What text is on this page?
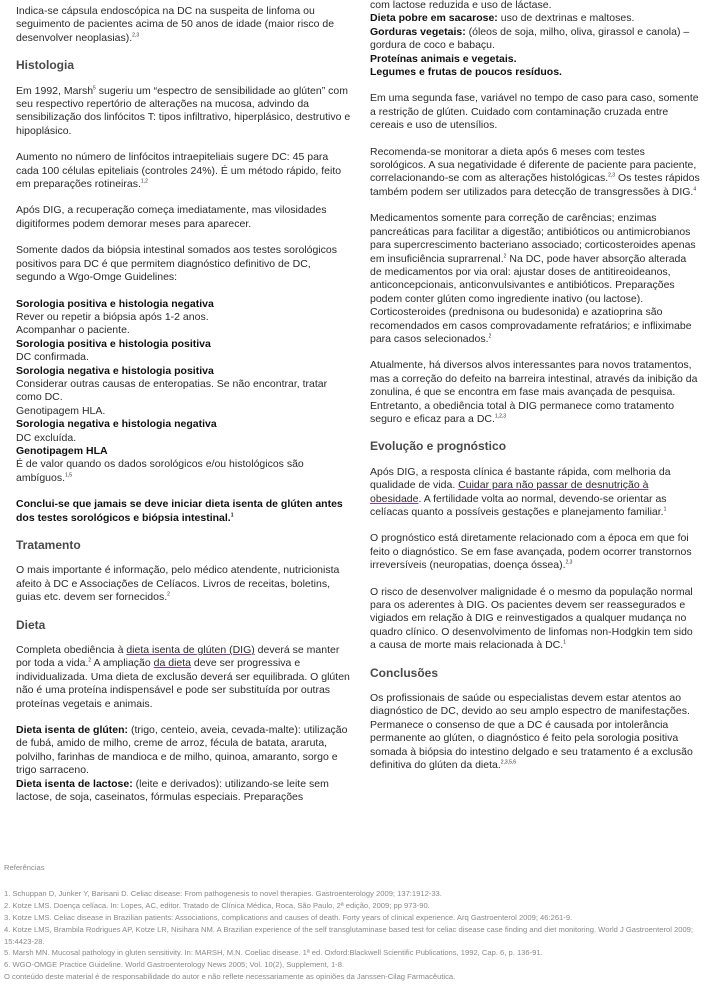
Indica-se cápsula endoscópica na DC na suspeita de linfoma ou seguimento de pacientes acima de 50 anos de idade (maior risco de desenvolver neoplasias).$^{2,3}$

Histologia

Em 1992, Marsh$^5$ sugeriu um “espectro de sensibilidade ao glúten” com seu respectivo repertório de alterações na mucosa, advindo da sensibilização dos linfócitos T: tipos infiltrativo, hiperplásico, destrutivo e hipoplásico.

Aumento no número de linfócitos intraepiteliais sugere DC: 45 para cada 100 células epiteliais (controles 24%). É um método rápido, feito em preparações rotineiras.$^{1,2}$

Após DIG, a recuperação começa imediatamente, mas vilosidades digitiformes podem demorar meses para aparecer.

Somente dados da biópsia intestinal somados aos testes sorológicos positivos para DC é que permitem diagnóstico definitivo de DC, segundo a Wgo-Omge Guidelines:

Sorologia positiva e histologia negativa
Rever ou repetir a biópsia após 1-2 anos.
Acompanhar o paciente.
Sorologia positiva e histologia positiva
DC confirmada.
Sorologia negativa e histologia positiva
Considerar outras causas de enteropatias. Se não encontrar, tratar como DC.
Genotipagem HLA.
Sorologia negativa e histologia negativa
DC excluída.
Genotipagem HLA
É de valor quando os dados sorológicos e/ou histológicos são ambíguos.$^{1,5}$

Conclui-se que jamais se deve iniciar dieta isenta de glúten antes dos testes sorológicos e biópsia intestinal.$^1$

Tratamento

O mais importante é informação, pelo médico atendente, nutricionista afeito à DC e Associações de Celíacos. Livros de receitas, boletins, guias etc. devem ser fornecidos.$^2$

Dieta

Completa obediência à dieta isenta de glúten (DIG) deverá se manter por toda a vida.$^2$ A ampliação da dieta deve ser progressiva e individualizada. Uma dieta de exclusão deverá ser equilibrada. O glúten não é uma proteína indispensável e pode ser substituída por outras proteínas vegetais e animais.

Dieta isenta de glúten: (trigo, centeio, aveia, cevada-malte): utilização de fubá, amido de milho, creme de arroz, fécula de batata, araruta, polvilho, farinhas de mandioca e de milho, quinoa, amaranto, sorgo e trigo sarraceno.
Dieta isenta de lactose: (leite e derivados): utilizando-se leite sem lactose, de soja, caseinatos, fórmulas especiais. Preparações

com lactose reduzida e uso de láctase.
Dieta pobre em sacarose: uso de dextrinas e maltoses.
Gorduras vegetais: (óleos de soja, milho, oliva, girassol e canola) – gordura de coco e babaçu.
Proteínas animais e vegetais.
Legumes e frutas de poucos resíduos.

Em uma segunda fase, variável no tempo de caso para caso, somente a restrição de glúten. Cuidado com contaminação cruzada entre cereais e uso de utensílios.

Recomenda-se monitorar a dieta após 6 meses com testes sorológicos. A sua negatividade é diferente de paciente para paciente, correlacionando-se com as alterações histológicas.$^{2,3}$ Os testes rápidos também podem ser utilizados para detecção de transgressões à DIG.$^4$

Medicamentos somente para correção de carências; enzimas pancreáticas para facilitar a digestão; antibióticos ou antimicrobianos para supercrescimento bacteriano associado; corticosteroides apenas em insuficiência suprarrenal.$^2$ Na DC, pode haver absorção alterada de medicamentos por via oral: ajustar doses de antitireoideanos, anticoncepcionais, anticonvulsivantes e antibióticos. Preparações podem conter glúten como ingrediente inativo (ou lactose). Corticosteroides (prednisona ou budesonida) e azatioprina são recomendados em casos comprovadamente refratários; e infliximabe para casos selecionados.$^2$

Atualmente, há diversos alvos interessantes para novos tratamentos, mas a correção do defeito na barreira intestinal, através da inibição da zonulina, é que se encontra em fase mais avançada de pesquisa. Entretanto, a obediência total à DIG permanece como tratamento seguro e eficaz para a DC.$^{1,2,3}$

Evolução e prognóstico

Após DIG, a resposta clínica é bastante rápida, com melhoria da qualidade de vida. Cuidar para não passar de desnutrição à obesidade. A fertilidade volta ao normal, devendo-se orientar as celíacas quanto a possíveis gestações e planejamento familiar.$^1$

O prognóstico está diretamente relacionado com a época em que foi feito o diagnóstico. Se em fase avançada, podem ocorrer transtornos irreversíveis (neuropatias, doença óssea).$^{2,3}$

O risco de desenvolver malignidade é o mesmo da população normal para os aderentes à DIG. Os pacientes devem ser reassegurados e vigiados em relação à DIG e reinvestigados a qualquer mudança no quadro clínico. O desenvolvimento de linfomas non-Hodgkin tem sido a causa de morte mais relacionada à DC.$^1$

Conclusões

Os profissionais de saúde ou especialistas devem estar atentos ao diagnóstico de DC, devido ao seu amplo espectro de manifestações. Permanece o consenso de que a DC é causada por intolerância permanente ao glúten, o diagnóstico é feito pela sorologia positiva somada à biópsia do intestino delgado e seu tratamento é a exclusão definitiva do glúten da dieta.$^{2,3,5,6}$

Referências
1. Schuppan D, Junker Y, Barisani D. Celiac disease: From pathogenesis to novel therapies. Gastroenterology 2009; 137:1912-33.
2. Kotze LMS. Doença celíaca. In: Lopes, AC, editor. Tratado de Clínica Médica, Roca, São Paulo, 2ª edição, 2009; pp 973-90.
3. Kotze LMS. Celiac disease in Brazilian patients: Associations, complications and causes of death. Forty years of clinical experience. Arq Gastroenterol 2009; 46:261-9.
4. Kotze LMS, Brambila Rodrigues AP, Kotze LR, Nisihara NM. A Brazilian experience of the self transglutaminase based test for celiac disease case finding and diet monitoring. World J Gastroenterol 2009; 15:4423-28.
5. Marsh MN. Mucosal pathology in gluten sensitivity. In: MARSH, M.N. Coeliac disease. 1ª ed. Oxford:Blackwell Scientific Publications, 1992, Cap. 6, p. 136-91.
6. WGO-OMGE Practice Guideline. World Gastroenterology News 2005; Vol. 10(2), Supplement, 1-8.
O conteúdo deste material é de responsabilidade do autor e não reflete necessariamente as opiniões da Janssen-Cilag Farmacêutica.
